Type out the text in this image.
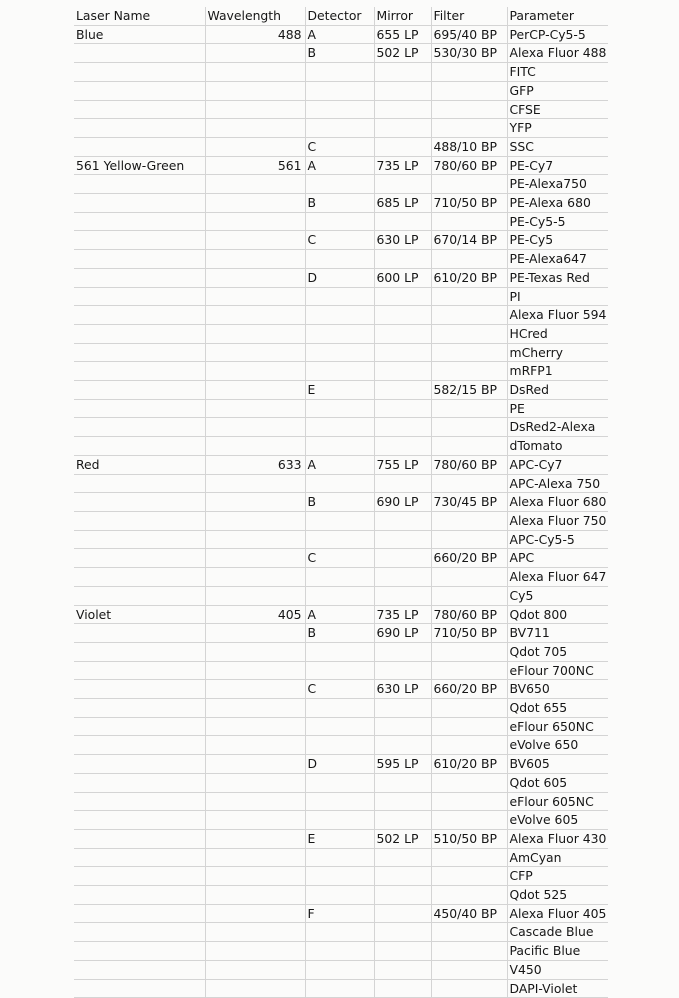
Laser Name	Wavelength	Detector	Mirror	Filter	Parameter
Blue	488	A	655 LP	695/40 BP	PerCP-Cy5-5
		B	502 LP	530/30 BP	Alexa Fluor 488
					FITC
					GFP
					CFSE
					YFP
		C		488/10 BP	SSC
561 Yellow-Green	561	A	735 LP	780/60 BP	PE-Cy7
					PE-Alexa750
		B	685 LP	710/50 BP	PE-Alexa 680
					PE-Cy5-5
		C	630 LP	670/14 BP	PE-Cy5
					PE-Alexa647
		D	600 LP	610/20 BP	PE-Texas Red
					PI
					Alexa Fluor 594
					HCred
					mCherry
					mRFP1
		E		582/15 BP	DsRed
					PE
					DsRed2-Alexa
					dTomato
Red	633	A	755 LP	780/60 BP	APC-Cy7
					APC-Alexa 750
		B	690 LP	730/45 BP	Alexa Fluor 680
					Alexa Fluor 750
					APC-Cy5-5
		C		660/20 BP	APC
					Alexa Fluor 647
					Cy5
Violet	405	A	735 LP	780/60 BP	Qdot 800
		B	690 LP	710/50 BP	BV711
					Qdot 705
					eFlour 700NC
		C	630 LP	660/20 BP	BV650
					Qdot 655
					eFlour 650NC
					eVolve 650
		D	595 LP	610/20 BP	BV605
					Qdot 605
					eFlour 605NC
					eVolve 605
		E	502 LP	510/50 BP	Alexa Fluor 430
					AmCyan
					CFP
					Qdot 525
		F		450/40 BP	Alexa Fluor 405
					Cascade Blue
					Pacific Blue
					V450
					DAPI-Violet
